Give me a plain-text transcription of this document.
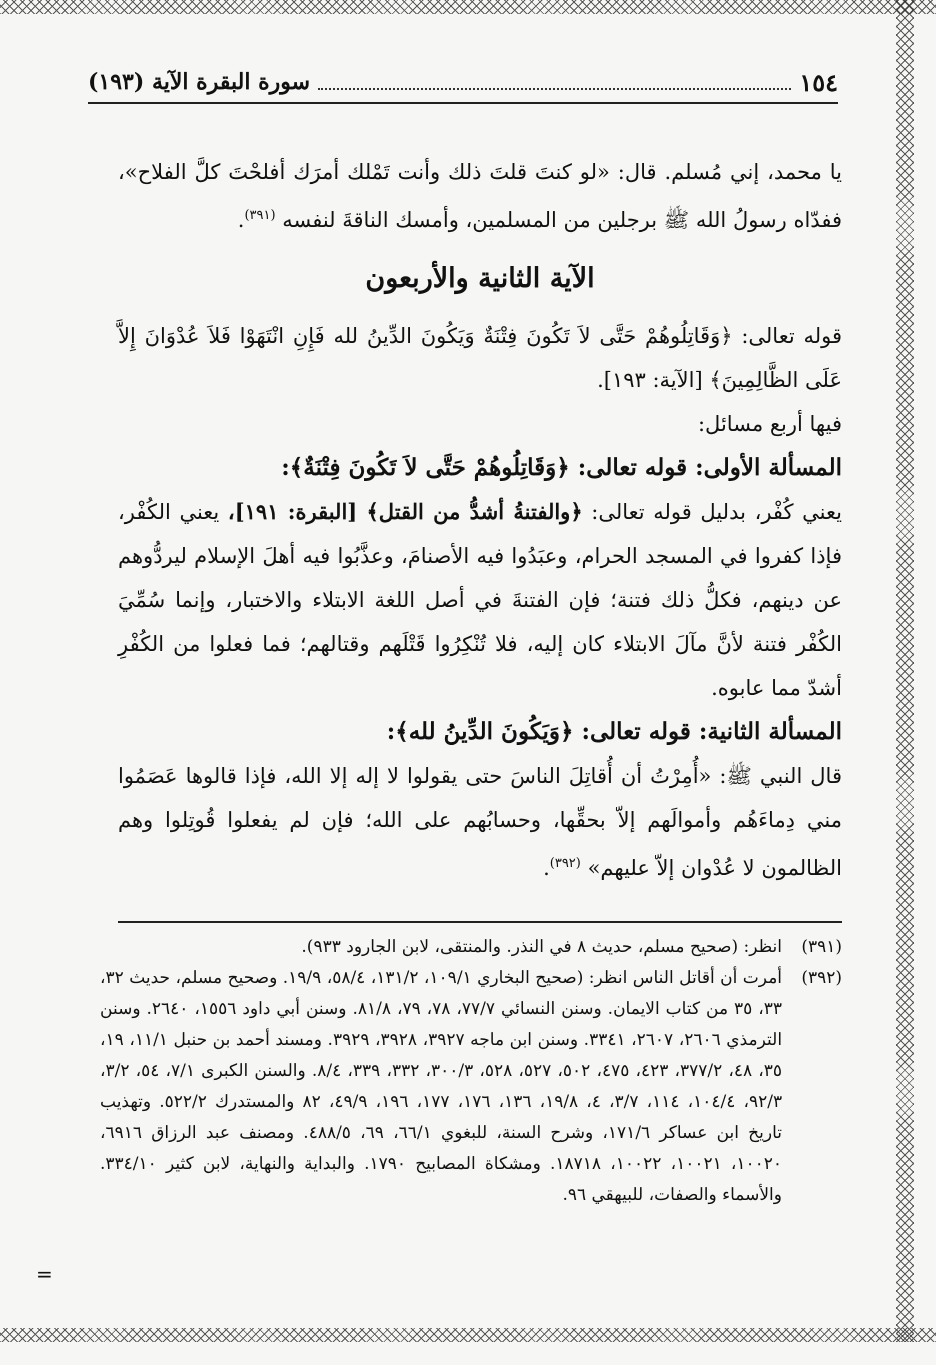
١٥٤
سورة البقرة الآية (١٩٣)

يا محمد، إني مُسلم. قال: «لو كنتَ قلتَ ذلك وأنت تَمْلك أمرَك أفلحْتَ كلَّ الفلاح»، ففدّاه رسولُ الله ﷺ برجلين من المسلمين، وأمسك الناقةَ لنفسه $^{(٣٩١)}$.

الآية الثانية والأربعون

قوله تعالى: ﴿وَقَاتِلُوهُمْ حَتَّى لاَ تَكُونَ فِتْنَةٌ وَيَكُونَ الدِّينُ لله فَإِنِ انْتَهَوْا فَلاَ عُدْوَانَ إِلاَّ عَلَى الظَّالِمِينَ﴾ [الآية: ١٩٣].

فيها أربع مسائل:

المسألة الأولى: قوله تعالى: ﴿وَقَاتِلُوهُمْ حَتَّى لاَ تَكُونَ فِتْنَةٌ﴾:

يعني كُفْر، بدليل قوله تعالى: ﴿والفتنةُ أشدُّ من القتل﴾ [البقرة: ١٩١]، يعني الكُفْر، فإذا كفروا في المسجد الحرام، وعبَدُوا فيه الأصنامَ، وعذَّبُوا فيه أهلَ الإسلام ليردُّوهم عن دينهم، فكلُّ ذلك فتنة؛ فإن الفتنةَ في أصل اللغة الابتلاء والاختبار، وإنما سُمِّيَ الكُفْر فتنة لأنَّ مآلَ الابتلاء كان إليه، فلا تُنْكِرُوا قَتْلَهم وقتالهم؛ فما فعلوا من الكُفْرِ أشدّ مما عابوه.

المسألة الثانية: قوله تعالى: ﴿وَيَكُونَ الدِّينُ لله﴾:

قال النبي ﷺ: «أُمِرْتُ أن أُقاتِلَ الناسَ حتى يقولوا لا إله إلا الله، فإذا قالوها عَصَمُوا مني دِماءَهُم وأموالَهم إلاّ بحقِّها، وحسابُهم على الله؛ فإن لم يفعلوا قُوتِلوا وهم الظالمون لا عُدْوان إلاّ عليهم» $^{(٣٩٢)}$.

(٣٩١)
انظر: (صحيح مسلم، حديث ٨ في النذر. والمنتقى، لابن الجارود ٩٣٣).
(٣٩٢)
أمرت أن أقاتل الناس انظر: (صحيح البخاري ١٠٩/١، ١٣١/٢، ٥٨/٤، ١٩/٩. وصحيح مسلم، حديث ٣٢، ٣٣، ٣٥ من كتاب الايمان. وسنن النسائي ٧٧/٧، ٧٨، ٧٩، ٨١/٨. وسنن أبي داود ١٥٥٦، ٢٦٤٠. وسنن الترمذي ٢٦٠٦، ٢٦٠٧، ٣٣٤١. وسنن ابن ماجه ٣٩٢٧، ٣٩٢٨، ٣٩٢٩. ومسند أحمد بن حنبل ١١/١، ١٩، ٣٥، ٤٨، ٣٧٧/٢، ٤٢٣، ٤٧٥، ٥٠٢، ٥٢٧، ٥٢٨، ٣٠٠/٣، ٣٣٢، ٣٣٩، ٨/٤. والسنن الكبرى ٧/١، ٥٤، ٣/٢، ٩٢/٣، ١٠٤/٤، ١١٤، ٣/٧، ٤، ١٩/٨، ١٣٦، ١٧٦، ١٧٧، ١٩٦، ٤٩/٩، ٨٢ والمستدرك ٥٢٢/٢. وتهذيب تاريخ ابن عساكر ١٧١/٦، وشرح السنة، للبغوي ٦٦/١، ٦٩، ٤٨٨/٥. ومصنف عبد الرزاق ٦٩١٦، ١٠٠٢٠، ١٠٠٢١، ١٠٠٢٢، ١٨٧١٨. ومشكاة المصابيح ١٧٩٠. والبداية والنهاية، لابن كثير ٣٣٤/١٠. والأسماء والصفات، للبيهقي ٩٦.
=
